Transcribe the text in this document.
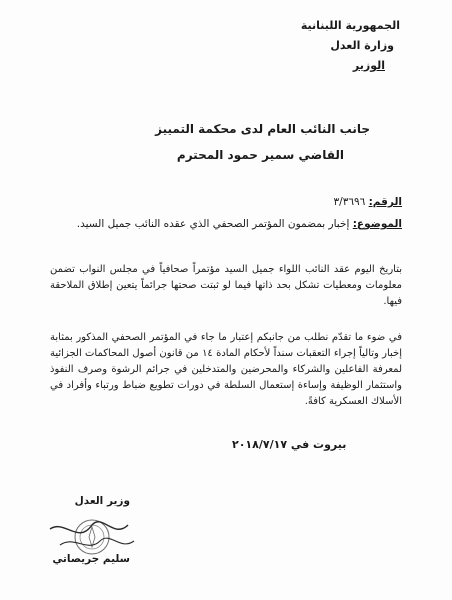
الجمهورية اللبنانية
وزارة العدل
الوزير
جانب النائب العام لدى محكمة التمييز
القاضي سمير حمود المحترم
الرقم: ٣/٣٦٩٦
الموضوع: إخبار بمضمون المؤتمر الصحفي الذي عقده النائب جميل السيد.
بتاريخ اليوم عقد النائب اللواء جميل السيد مؤتمراً صحافياً في مجلس النواب تضمن معلومات ومعطيات تشكل بحد ذاتها فيما لو ثبتت صحتها جرائماً يتعين إطلاق الملاحقة فيها.
في ضوء ما تقدّم نطلب من جانبكم إعتبار ما جاء في المؤتمر الصحفي المذكور بمثابة إخبار وتالياً إجراء التعقبات سنداً لأحكام المادة ١٤ من قانون أصول المحاكمات الجزائية لمعرفة الفاعلين والشركاء والمحرضين والمتدخلين في جرائم الرشوة وصرف النفوذ واستثمار الوظيفة وإساءة إستعمال السلطة في دورات تطويع ضباط ورتباء وأفراد في الأسلاك العسكرية كافةً.
بيروت في ٢٠١٨/٧/١٧
وزير العدل
سليم جريصاتي
